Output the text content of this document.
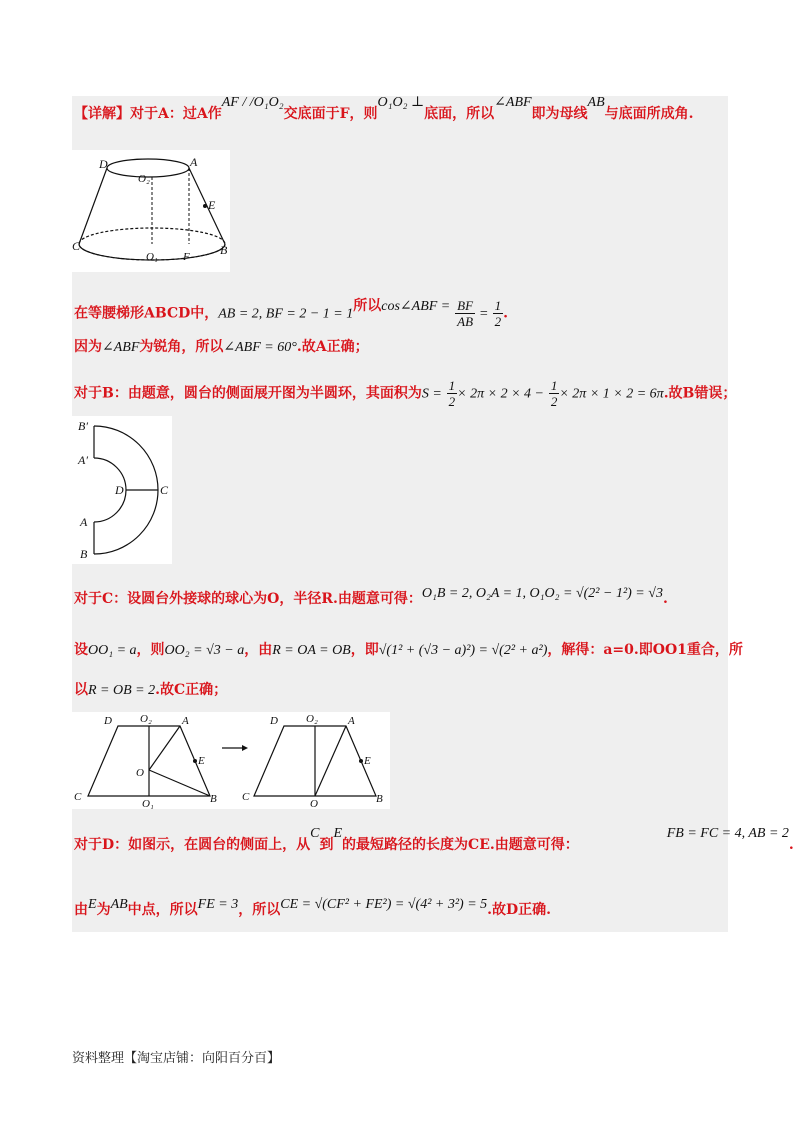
【详解】对于A：过A作AF / /O₁O₂交底面于F，则O₁O₂ ⊥底面，所以∠ABF即为母线AB与底面所成角.
D	A
O₂
E
C	B
O₁ F
在等腰梯形ABCD中，AB = 2, BF = 2 − 1 = 1所以cos∠ABF = $\frac{BF}{AB} = \frac{1}{2}$ .
因为∠ABF为锐角，所以∠ABF = 60°.故A正确；
对于B：由题意，圆台的侧面展开图为半圆环，其面积为$S = \frac{1}{2} \times 2\pi \times 2 \times 4 - \frac{1}{2} \times 2\pi \times 1 \times 2 = 6\pi$.故B错误；
B′
A′
D	C
A
B
对于C：设圆台外接球的球心为O，半径R.由题意可得：O₁B = 2, O₂A = 1, O₁O₂ = √(2² − 1²) = √3.
设OO₁ = a，则OO₂ = √3 − a，由R = OA = OB，即√(1² + (√3 − a)²) = √(2² + a²)，解得：a=0.即OO1重合，所
以R = OB = 2.故C正确；
D	O₂	A
E
O
C
O₁	B
D	O₂	A
E
C
O	B
对于D：如图示，在圆台的侧面上，从C到E的最短路径的长度为CE.由题意可得：FB = FC = 4, AB = 2.
由E为AB中点，所以FE = 3，所以CE = √(CF² + FE²) = √(4² + 3²) = 5.故D正确.
资料整理【淘宝店铺：向阳百分百】
